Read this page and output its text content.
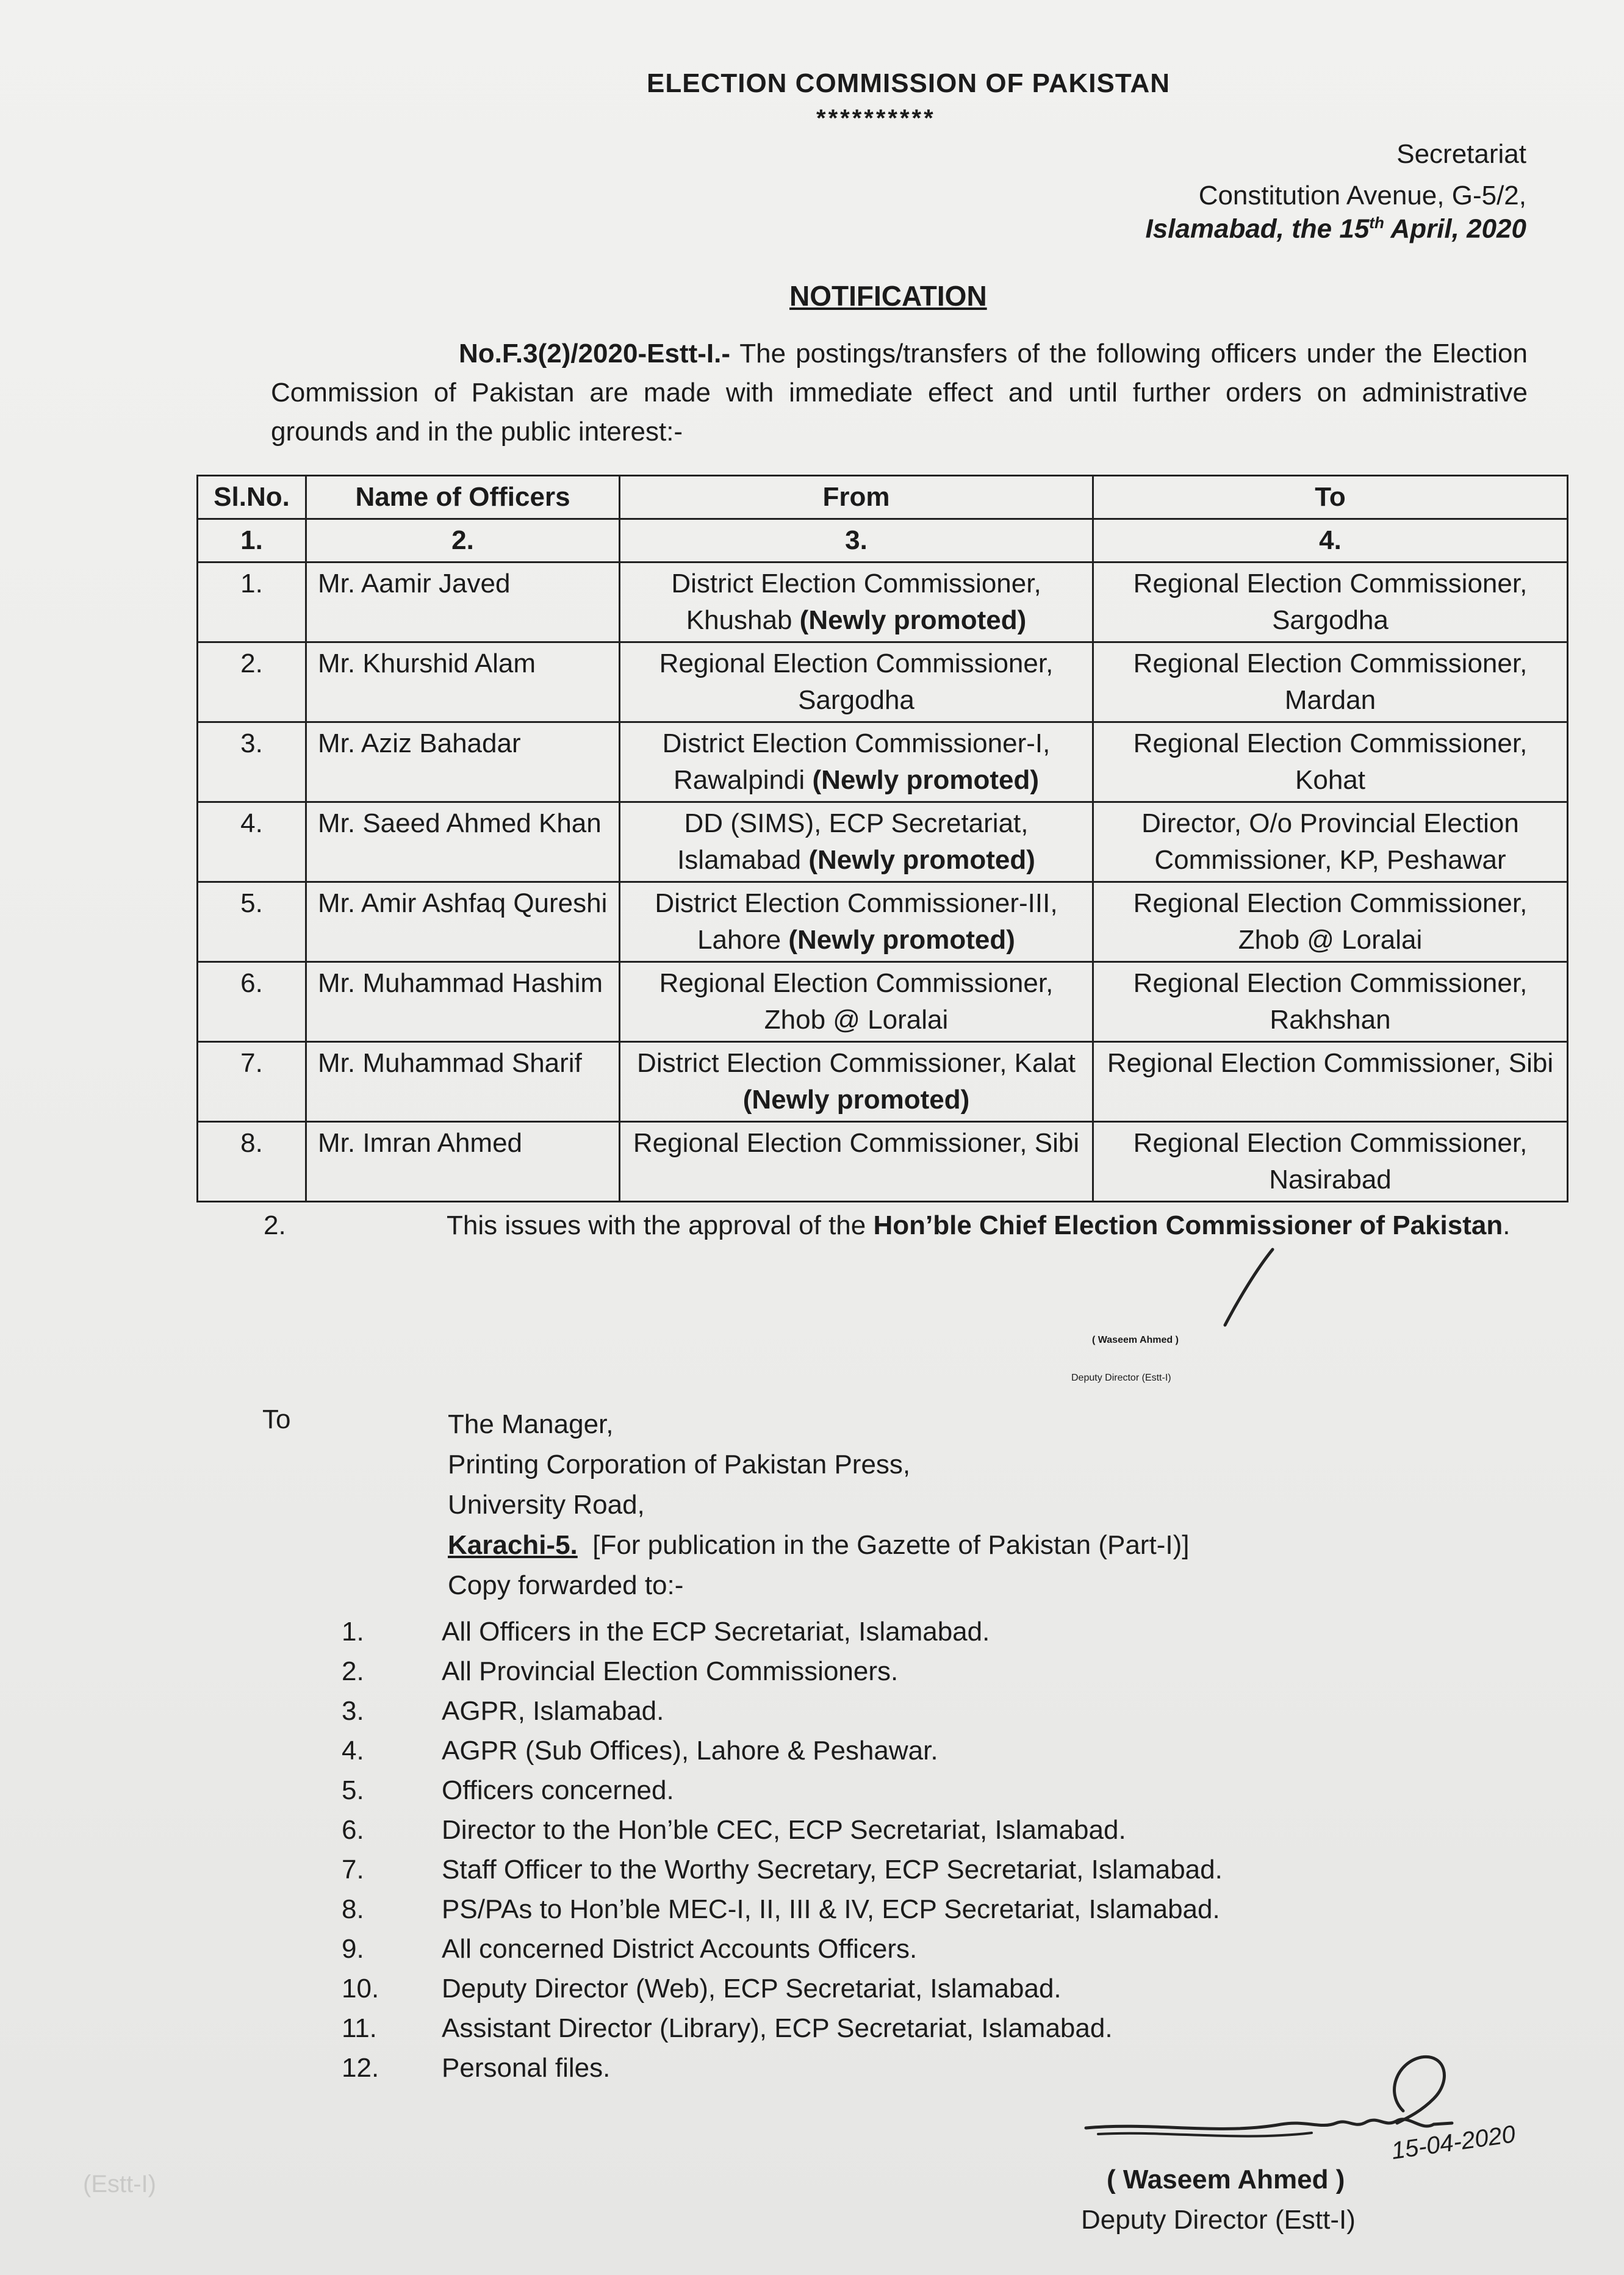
ELECTION COMMISSION OF PAKISTAN
**********
Secretariat
Constitution Avenue, G-5/2,
Islamabad, the 15th April, 2020
NOTIFICATION
No.F.3(2)/2020-Estt-I.- The postings/transfers of the following officers under the Election Commission of Pakistan are made with immediate effect and until further orders on administrative grounds and in the public interest:-
Sl.No.	Name of Officers	From	To
1.	2.	3.	4.
1.	Mr. Aamir Javed	District Election Commissioner, Khushab (Newly promoted)	Regional Election Commissioner, Sargodha
2.	Mr. Khurshid Alam	Regional Election Commissioner, Sargodha	Regional Election Commissioner, Mardan
3.	Mr. Aziz Bahadar	District Election Commissioner-I, Rawalpindi (Newly promoted)	Regional Election Commissioner, Kohat
4.	Mr. Saeed Ahmed Khan	DD (SIMS), ECP Secretariat, Islamabad (Newly promoted)	Director, O/o Provincial Election Commissioner, KP, Peshawar
5.	Mr. Amir Ashfaq Qureshi	District Election Commissioner-III, Lahore (Newly promoted)	Regional Election Commissioner, Zhob @ Loralai
6.	Mr. Muhammad Hashim	Regional Election Commissioner, Zhob @ Loralai	Regional Election Commissioner, Rakhshan
7.	Mr. Muhammad Sharif	District Election Commissioner, Kalat (Newly promoted)	Regional Election Commissioner, Sibi
8.	Mr. Imran Ahmed	Regional Election Commissioner, Sibi	Regional Election Commissioner, Nasirabad
2.	This issues with the approval of the Hon’ble Chief Election Commissioner of Pakistan.
( Waseem Ahmed )
Deputy Director (Estt-I)
To	The Manager,
Printing Corporation of Pakistan Press,
University Road,
Karachi-5.  [For publication in the Gazette of Pakistan (Part-I)]
Copy forwarded to:-
1.	All Officers in the ECP Secretariat, Islamabad.
2.	All Provincial Election Commissioners.
3.	AGPR, Islamabad.
4.	AGPR (Sub Offices), Lahore & Peshawar.
5.	Officers concerned.
6.	Director to the Hon’ble CEC, ECP Secretariat, Islamabad.
7.	Staff Officer to the Worthy Secretary, ECP Secretariat, Islamabad.
8.	PS/PAs to Hon’ble MEC-I, II, III & IV, ECP Secretariat, Islamabad.
9.	All concerned District Accounts Officers.
10.	Deputy Director (Web), ECP Secretariat, Islamabad.
11.	Assistant Director (Library), ECP Secretariat, Islamabad.
12.	Personal files.
15-04-2020
( Waseem Ahmed )
Deputy Director (Estt-I)
(Estt-I)
